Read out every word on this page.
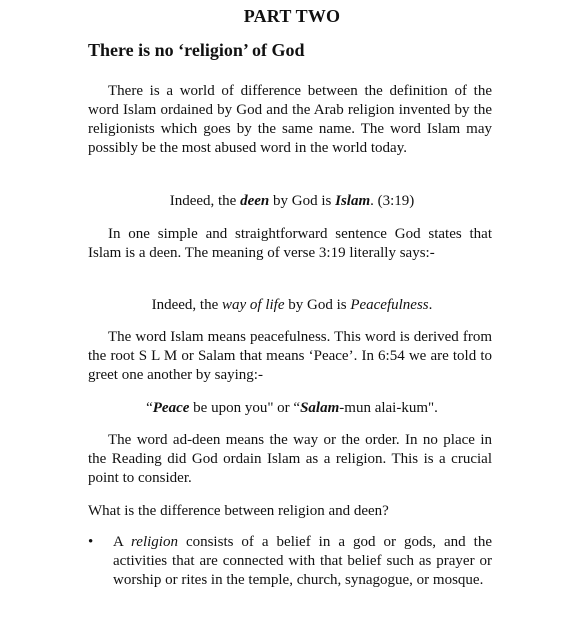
PART TWO
There is no ‘religion’ of God

There is a world of difference between the definition of the word Islam ordained by God and the Arab religion invented by the religionists which goes by the same name. The word Islam may possibly be the most abused word in the world today.

Indeed, the deen by God is Islam. (3:19)

In one simple and straightforward sentence God states that Islam is a deen. The meaning of verse 3:19 literally says:-

Indeed, the way of life by God is Peacefulness.

The word Islam means peacefulness. This word is derived from the root S L M or Salam that means ‘Peace’. In 6:54 we are told to greet one another by saying:-

“Peace be upon you" or “Salam-mun alai-kum".

The word ad-deen means the way or the order. In no place in the Reading did God ordain Islam as a religion. This is a crucial point to consider.

What is the difference between religion and deen?

•	A religion consists of a belief in a god or gods, and the activities that are connected with that belief such as prayer or worship or rites in the temple, church, synagogue, or mosque.
